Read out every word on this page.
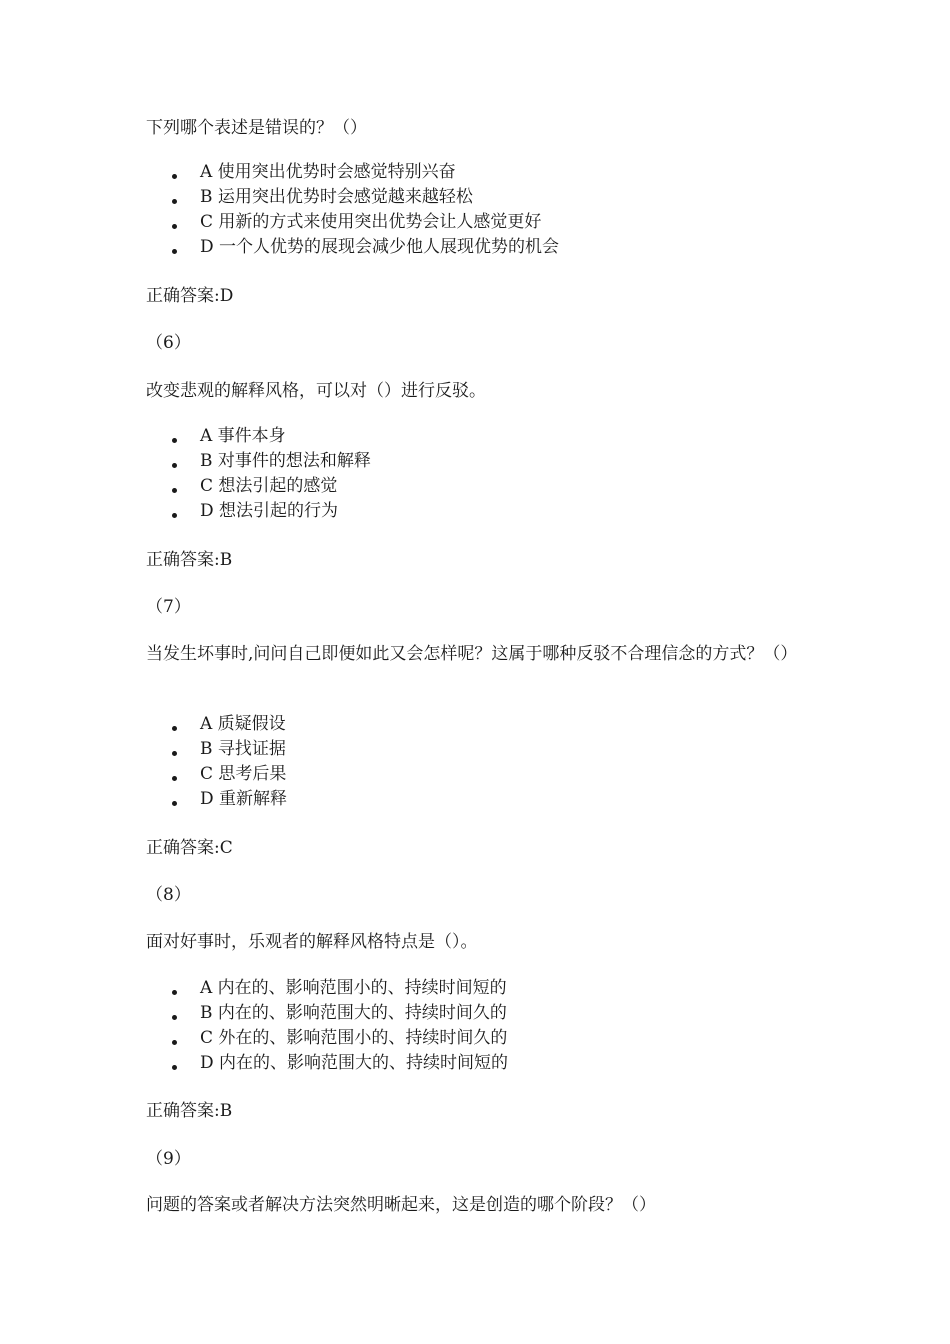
下列哪个表述是错误的？（）
A 使用突出优势时会感觉特别兴奋
B 运用突出优势时会感觉越来越轻松
C 用新的方式来使用突出优势会让人感觉更好
D 一个人优势的展现会减少他人展现优势的机会
正确答案:D
（6）
改变悲观的解释风格，可以对（）进行反驳。
A 事件本身
B 对事件的想法和解释
C 想法引起的感觉
D 想法引起的行为
正确答案:B
（7）
当发生坏事时,问问自己即便如此又会怎样呢？这属于哪种反驳不合理信念的方式？（）
A 质疑假设
B 寻找证据
C 思考后果
D 重新解释
正确答案:C
（8）
面对好事时，乐观者的解释风格特点是（）。
A 内在的、影响范围小的、持续时间短的
B 内在的、影响范围大的、持续时间久的
C 外在的、影响范围小的、持续时间久的
D 内在的、影响范围大的、持续时间短的
正确答案:B
（9）
问题的答案或者解决方法突然明晰起来，这是创造的哪个阶段？（）
